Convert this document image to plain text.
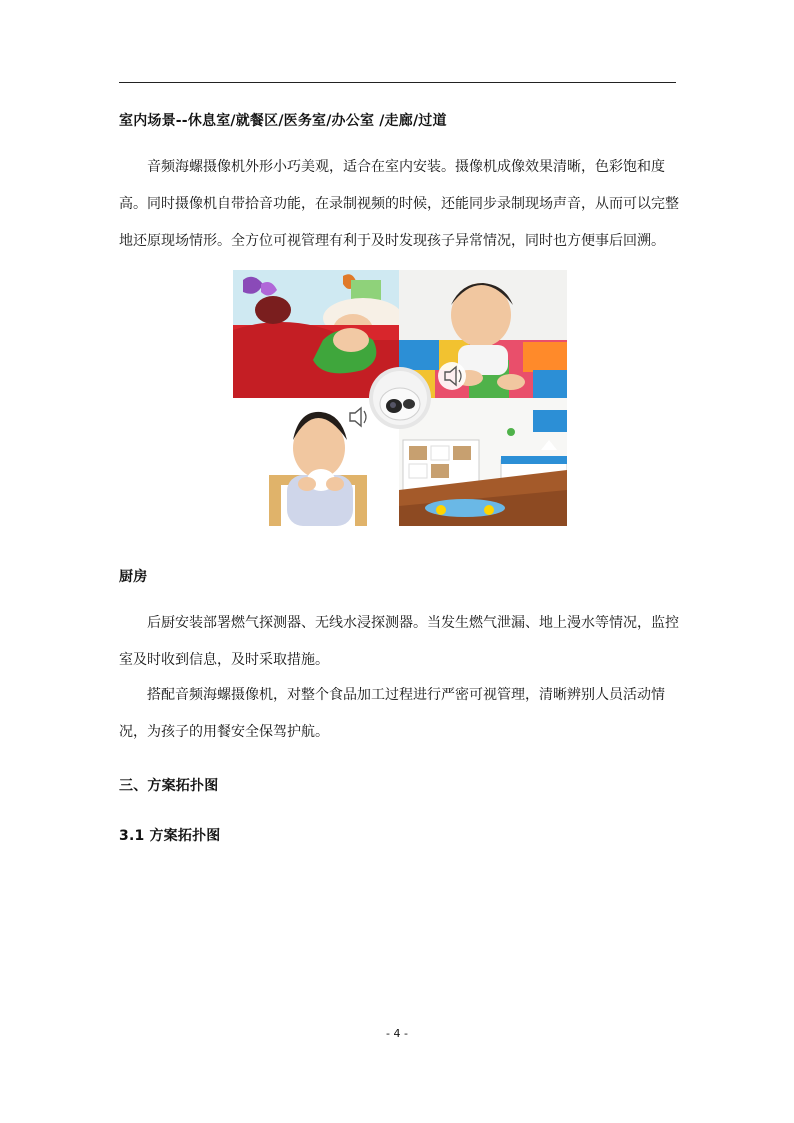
室内场景--休息室/就餐区/医务室/办公室 /走廊/过道

音频海螺摄像机外形小巧美观，适合在室内安装。摄像机成像效果清晰，色彩饱和度高。同时摄像机自带拾音功能，在录制视频的时候，还能同步录制现场声音，从而可以完整地还原现场情形。全方位可视管理有利于及时发现孩子异常情况，同时也方便事后回溯。

厨房

后厨安装部署燃气探测器、无线水浸探测器。当发生燃气泄漏、地上漫水等情况，监控室及时收到信息，及时采取措施。

搭配音频海螺摄像机，对整个食品加工过程进行严密可视管理，清晰辨别人员活动情况，为孩子的用餐安全保驾护航。

三、方案拓扑图
3.1 方案拓扑图
- 4 -
